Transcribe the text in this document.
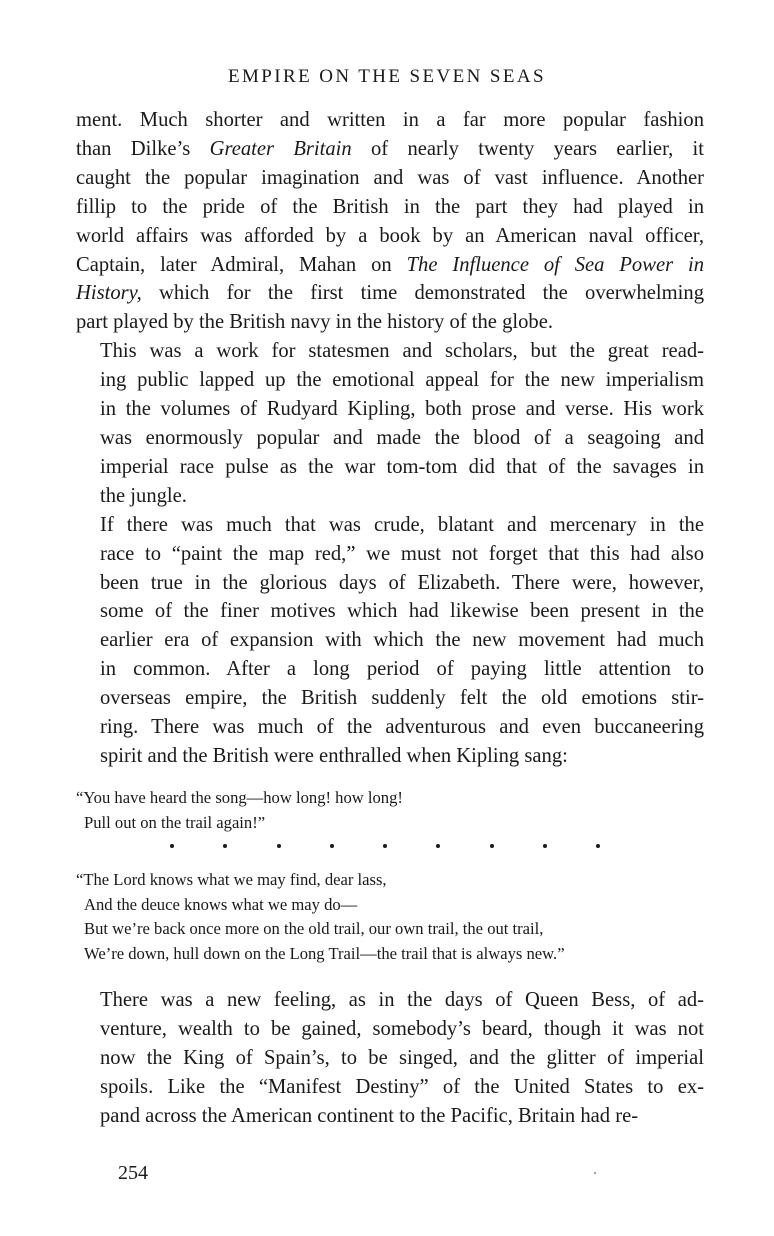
EMPIRE ON THE SEVEN SEAS

ment. Much shorter and written in a far more popular fashion
than Dilke’s Greater Britain of nearly twenty years earlier, it
caught the popular imagination and was of vast influence. Another
fillip to the pride of the British in the part they had played in
world affairs was afforded by a book by an American naval officer,
Captain, later Admiral, Mahan on The Influence of Sea Power in
History, which for the first time demonstrated the overwhelming
part played by the British navy in the history of the globe.

This was a work for statesmen and scholars, but the great read-
ing public lapped up the emotional appeal for the new imperialism
in the volumes of Rudyard Kipling, both prose and verse. His work
was enormously popular and made the blood of a seagoing and
imperial race pulse as the war tom-tom did that of the savages in
the jungle.

If there was much that was crude, blatant and mercenary in the
race to “paint the map red,” we must not forget that this had also
been true in the glorious days of Elizabeth. There were, however,
some of the finer motives which had likewise been present in the
earlier era of expansion with which the new movement had much
in common. After a long period of paying little attention to
overseas empire, the British suddenly felt the old emotions stir-
ring. There was much of the adventurous and even buccaneering
spirit and the British were enthralled when Kipling sang:

“You have heard the song—how long! how long!
Pull out on the trail again!”
“The Lord knows what we may find, dear lass,
And the deuce knows what we may do—
But we’re back once more on the old trail, our own trail, the out trail,
We’re down, hull down on the Long Trail—the trail that is always new.”

There was a new feeling, as in the days of Queen Bess, of ad-
venture, wealth to be gained, somebody’s beard, though it was not
now the King of Spain’s, to be singed, and the glitter of imperial
spoils. Like the “Manifest Destiny” of the United States to ex-
pand across the American continent to the Pacific, Britain had re-

254
